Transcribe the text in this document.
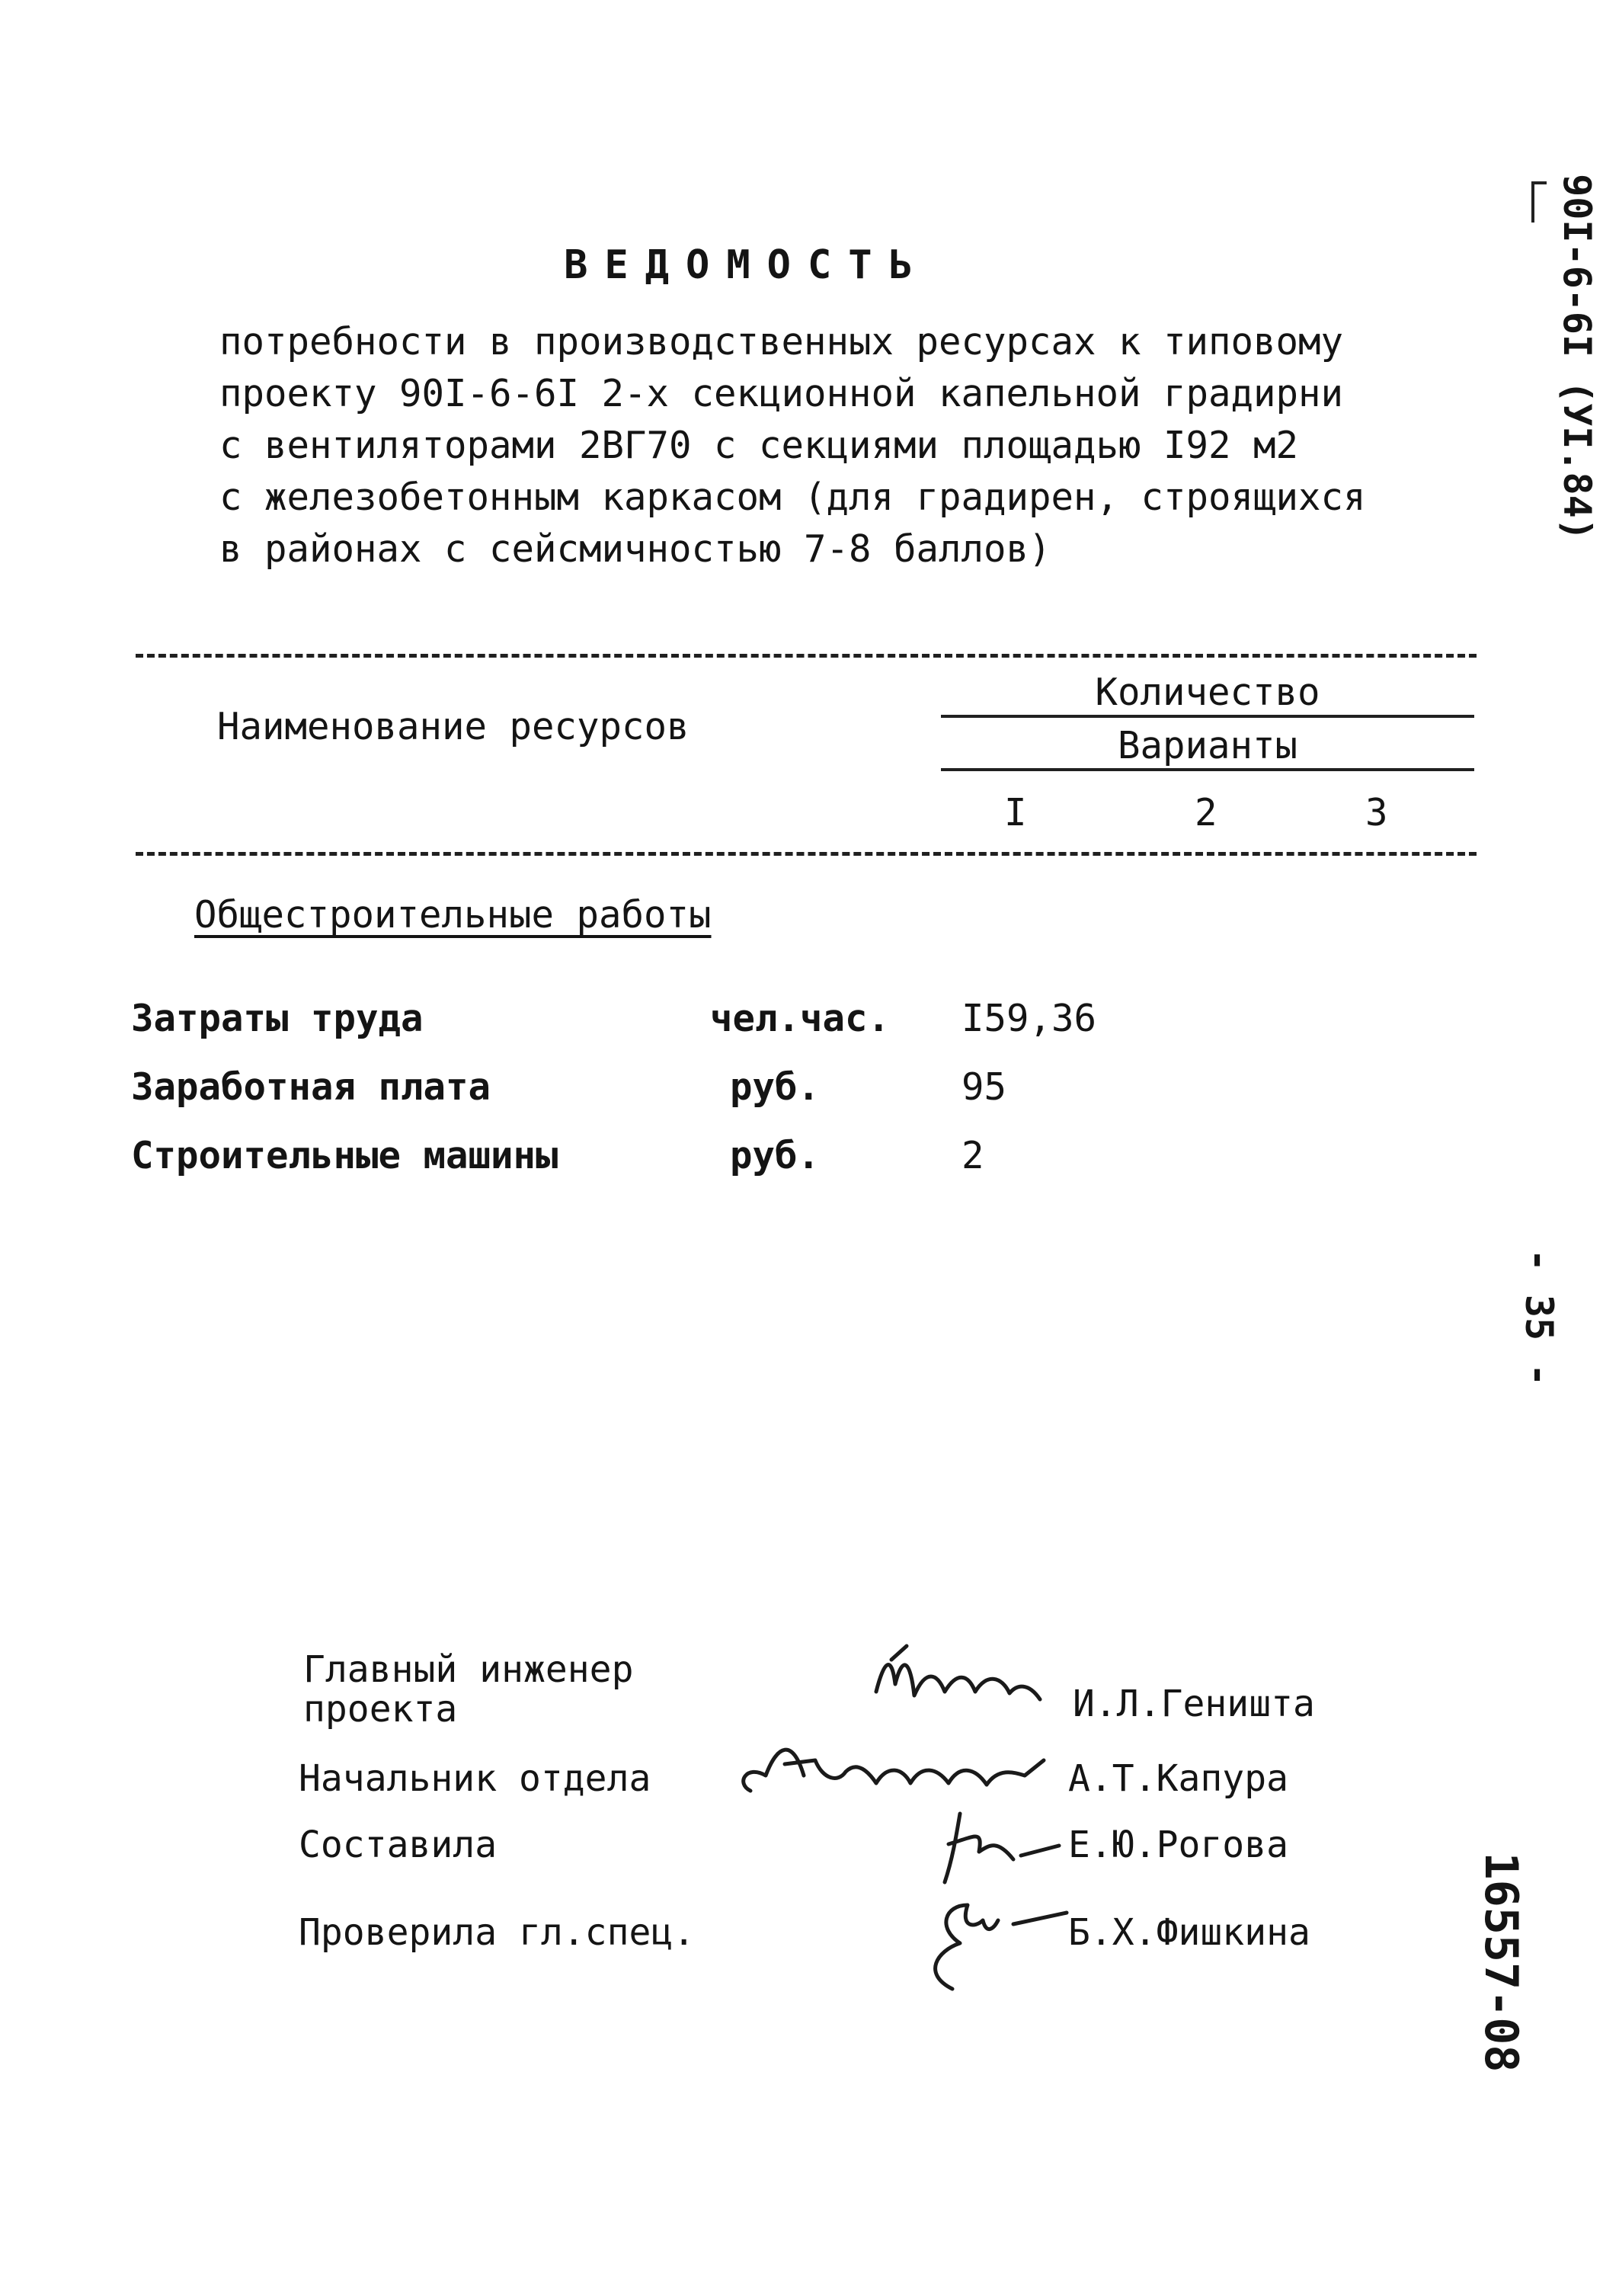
ВЕДОМОСТЬ
потребности в производственных ресурсах к типовому
проекту 90I-6-6I 2-х секционной капельной градирни
с вентиляторами 2ВГ70 с секциями площадью I92 м2
с железобетонным каркасом (для градирен, строящихся
в районах с сейсмичностью 7-8 баллов)
90I-6-6I (УI.84)
- 35 -
16557-08
Наименование ресурсов
Количество
Варианты
I	2	3
Общестроительные работы
Затраты труда	чел.час. I59,36
Заработная плата	руб.	95
Строительные машины	руб.	2
Главный инженер
проекта	И.Л.Геништа
Начальник отдела	А.Т.Капура
Составила	Е.Ю.Рогова
Проверила гл.спец.	Б.Х.Фишкина
